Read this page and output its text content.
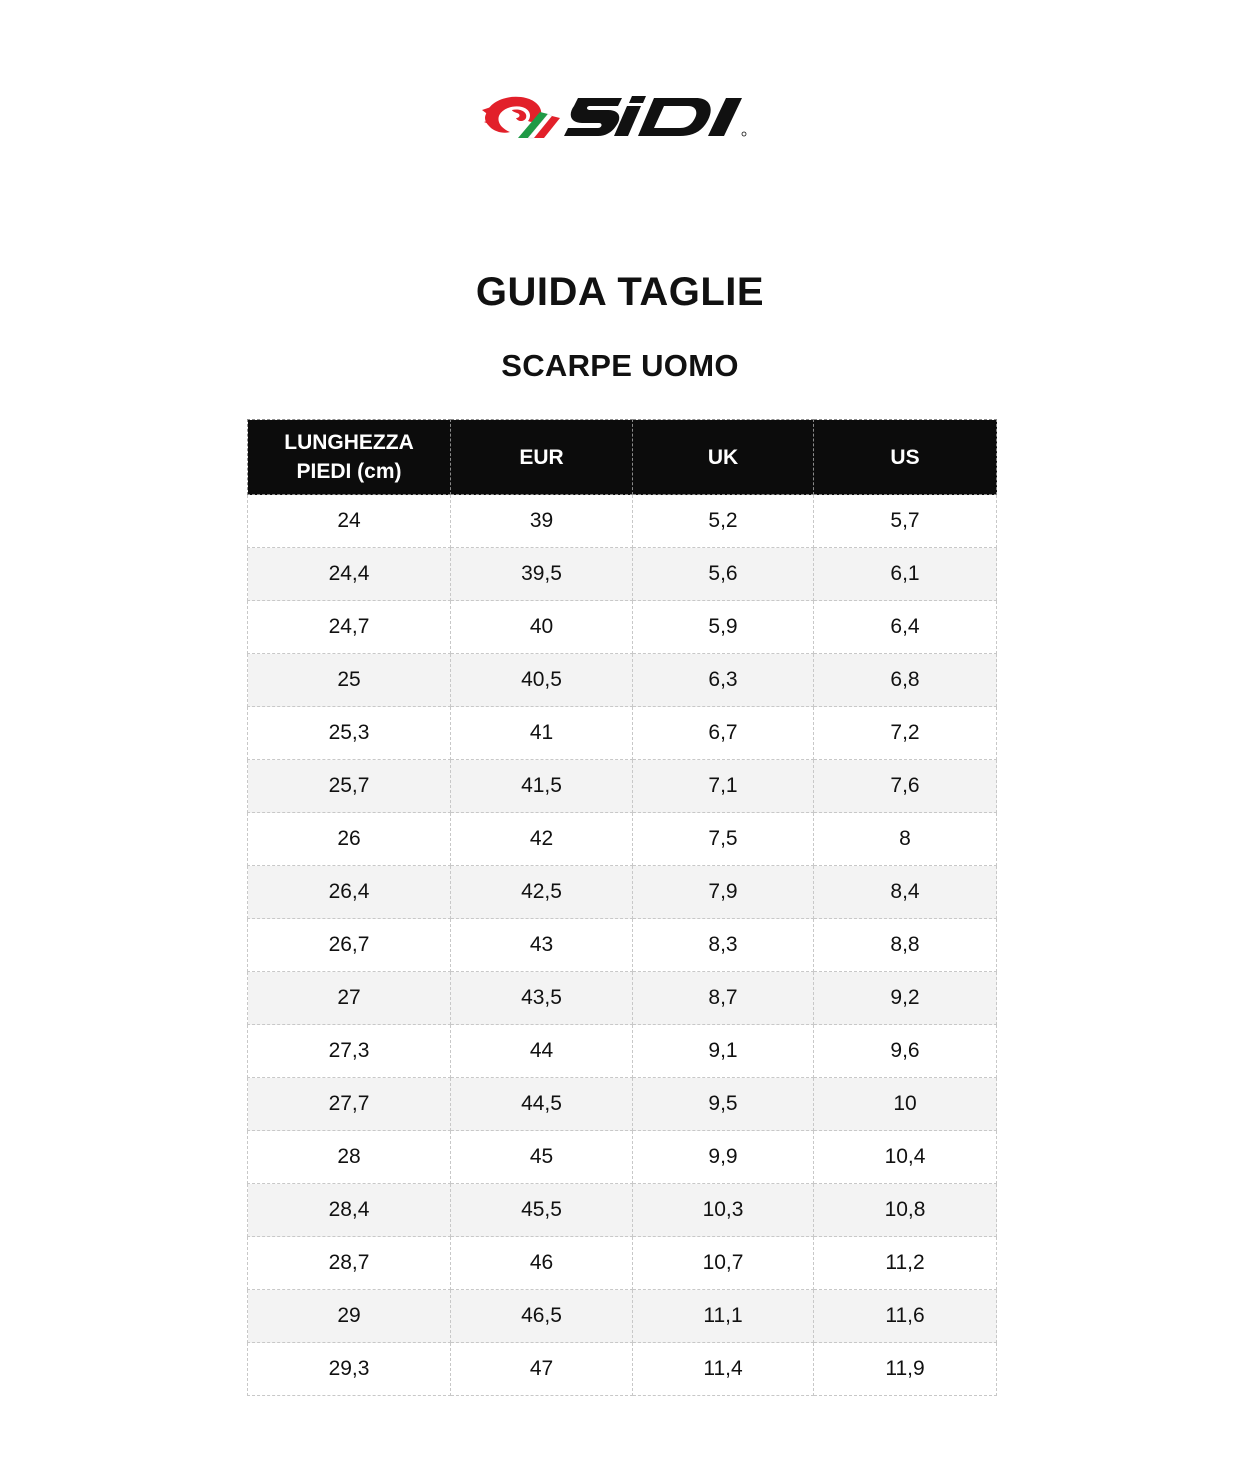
GUIDA TAGLIE
SCARPE UOMO
LUNGHEZZA
PIEDI (cm)	EUR	UK	US
24	39	5,2	5,7
24,4	39,5	5,6	6,1
24,7	40	5,9	6,4
25	40,5	6,3	6,8
25,3	41	6,7	7,2
25,7	41,5	7,1	7,6
26	42	7,5	8
26,4	42,5	7,9	8,4
26,7	43	8,3	8,8
27	43,5	8,7	9,2
27,3	44	9,1	9,6
27,7	44,5	9,5	10
28	45	9,9	10,4
28,4	45,5	10,3	10,8
28,7	46	10,7	11,2
29	46,5	11,1	11,6
29,3	47	11,4	11,9
